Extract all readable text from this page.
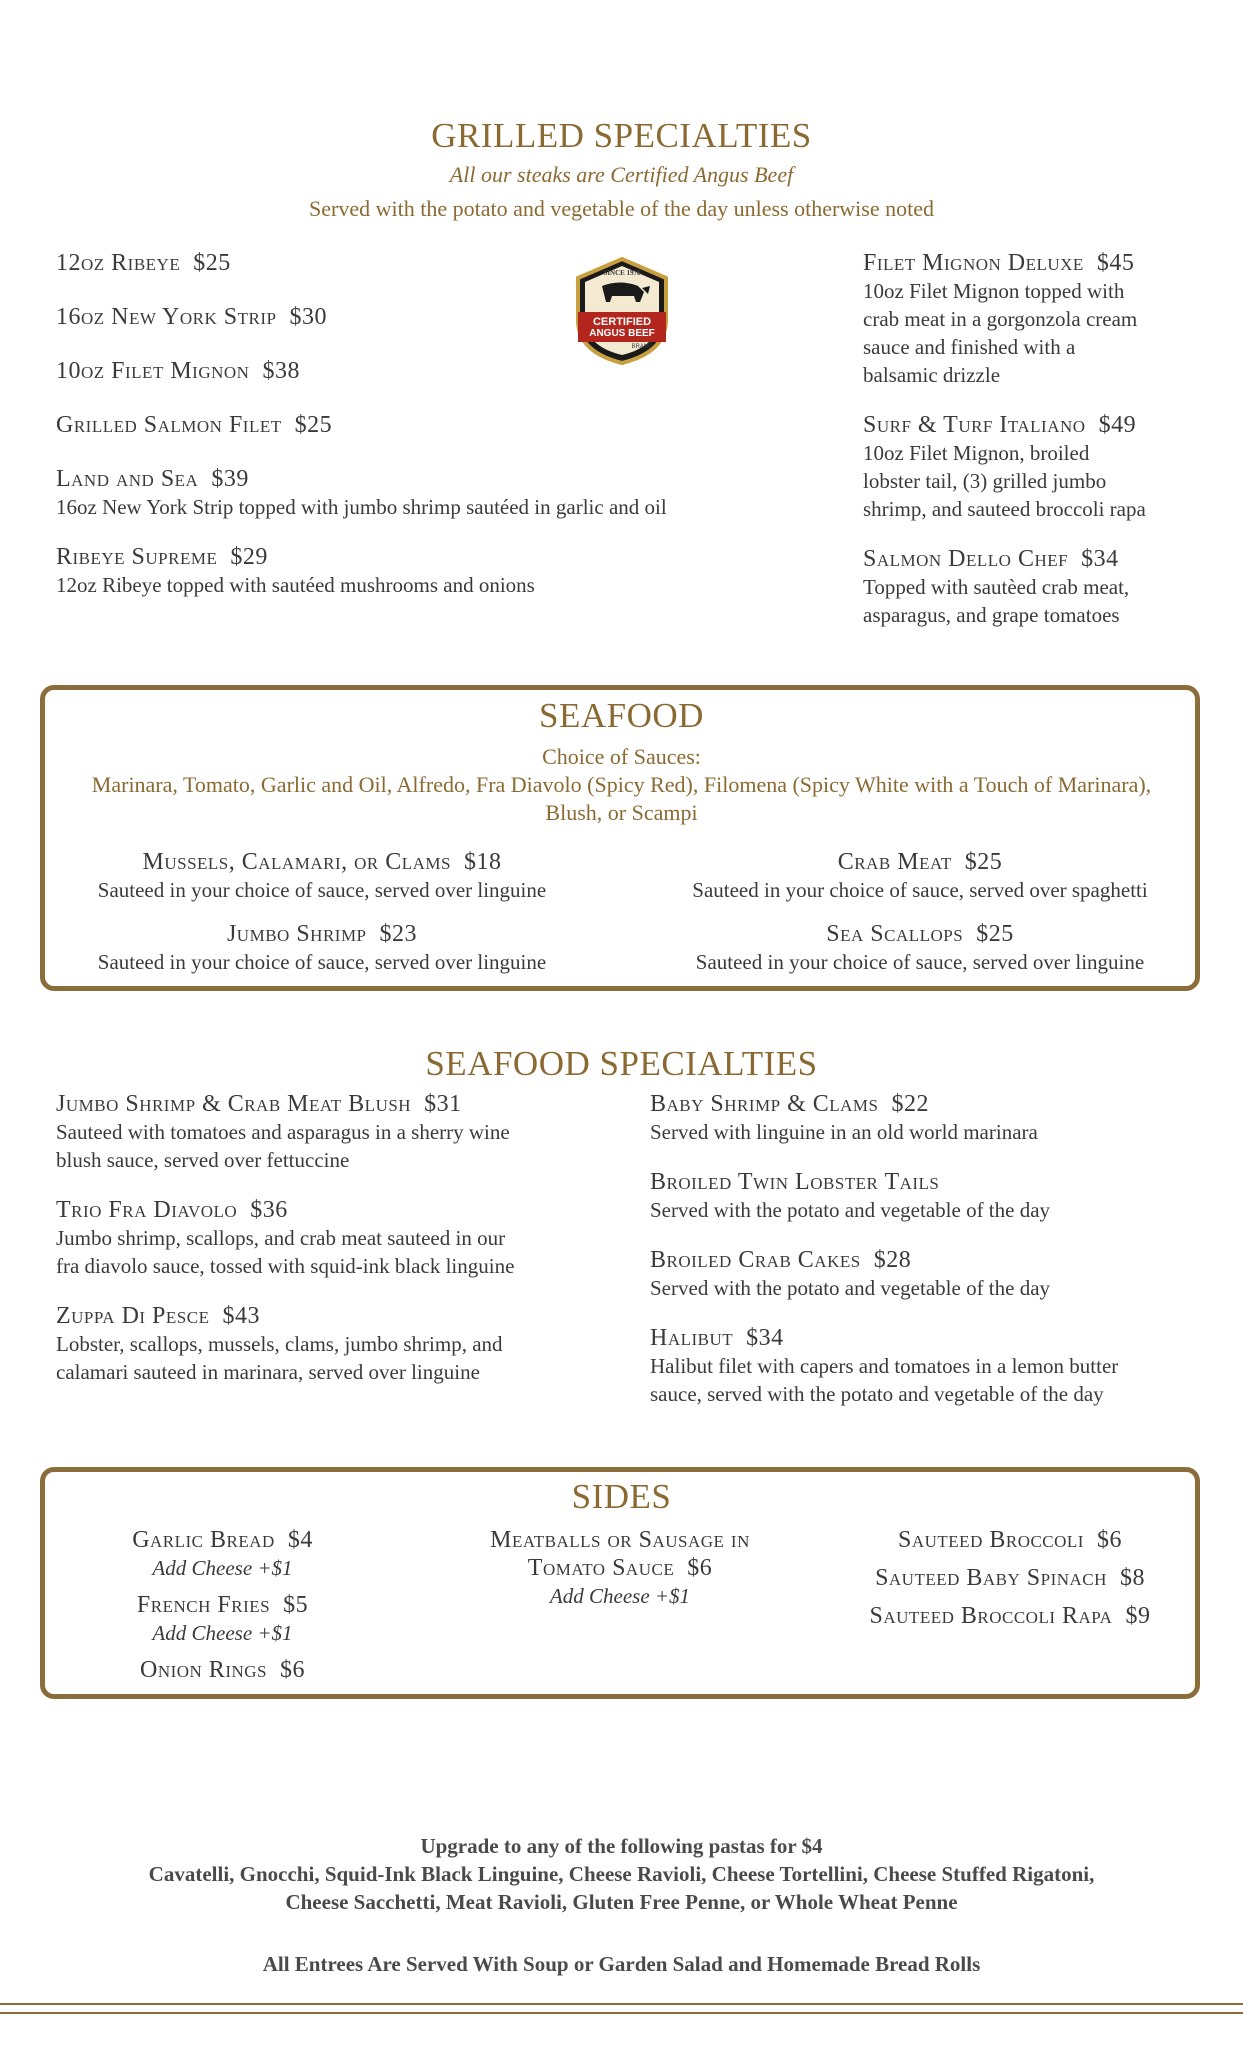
GRILLED SPECIALTIES
All our steaks are Certified Angus Beef
Served with the potato and vegetable of the day unless otherwise noted
12oz Ribeye $25
16oz New York Strip $30
10oz Filet Mignon $38
Grilled Salmon Filet $25
Land and Sea $39
16oz New York Strip topped with jumbo shrimp sautéed in garlic and oil
Ribeye Supreme $29
12oz Ribeye topped with sautéed mushrooms and onions
SINCE 1978
CERTIFIED
ANGUS BEEF
BRAND
Filet Mignon Deluxe $45
10oz Filet Mignon topped with
crab meat in a gorgonzola cream
sauce and finished with a
balsamic drizzle
Surf & Turf Italiano $49
10oz Filet Mignon, broiled
lobster tail, (3) grilled jumbo
shrimp, and sauteed broccoli rapa
Salmon Dello Chef $34
Topped with sautèed crab meat,
asparagus, and grape tomatoes
SEAFOOD
Choice of Sauces:
Marinara, Tomato, Garlic and Oil, Alfredo, Fra Diavolo (Spicy Red), Filomena (Spicy White with a Touch of Marinara),
Blush, or Scampi
Mussels, Calamari, or Clams $18
Sauteed in your choice of sauce, served over linguine
Crab Meat $25
Sauteed in your choice of sauce, served over spaghetti
Jumbo Shrimp $23
Sauteed in your choice of sauce, served over linguine
Sea Scallops $25
Sauteed in your choice of sauce, served over linguine
SEAFOOD SPECIALTIES
Jumbo Shrimp & Crab Meat Blush $31
Sauteed with tomatoes and asparagus in a sherry wine
blush sauce, served over fettuccine
Trio Fra Diavolo $36
Jumbo shrimp, scallops, and crab meat sauteed in our
fra diavolo sauce, tossed with squid-ink black linguine
Zuppa Di Pesce $43
Lobster, scallops, mussels, clams, jumbo shrimp, and
calamari sauteed in marinara, served over linguine
Baby Shrimp & Clams $22
Served with linguine in an old world marinara
Broiled Twin Lobster Tails
Served with the potato and vegetable of the day
Broiled Crab Cakes $28
Served with the potato and vegetable of the day
Halibut $34
Halibut filet with capers and tomatoes in a lemon butter
sauce, served with the potato and vegetable of the day
SIDES
Garlic Bread $4
Add Cheese +$1
French Fries $5
Add Cheese +$1
Onion Rings $6
Meatballs or Sausage in
Tomato Sauce $6
Add Cheese +$1
Sauteed Broccoli $6
Sauteed Baby Spinach $8
Sauteed Broccoli Rapa $9
Upgrade to any of the following pastas for $4
Cavatelli, Gnocchi, Squid-Ink Black Linguine, Cheese Ravioli, Cheese Tortellini, Cheese Stuffed Rigatoni,
Cheese Sacchetti, Meat Ravioli, Gluten Free Penne, or Whole Wheat Penne
All Entrees Are Served With Soup or Garden Salad and Homemade Bread Rolls
